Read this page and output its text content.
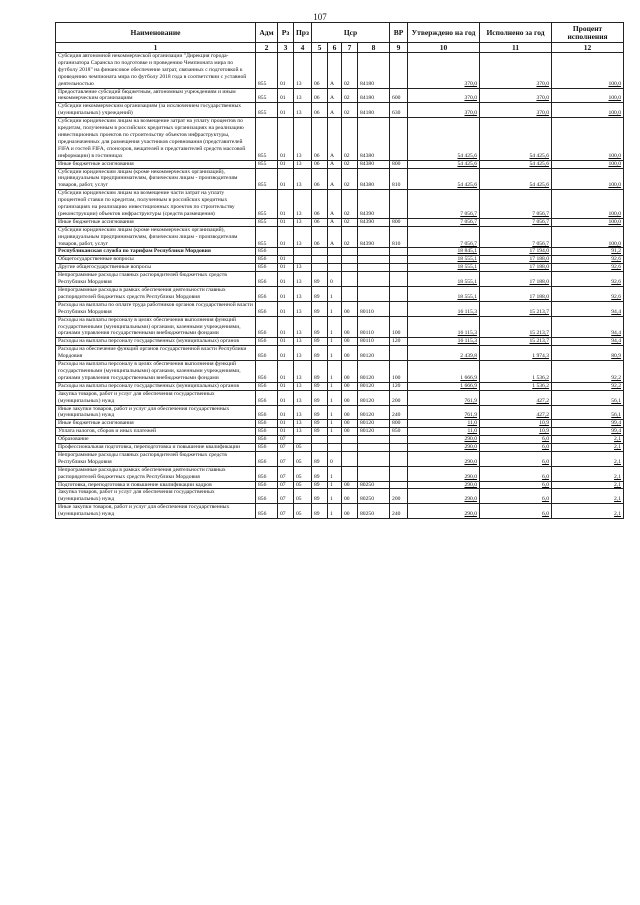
107
Наименование	Адм	Рз	Прз	Цср				ВР	Утверждено на год	Исполнено за год	Процент исполнения
1	2	3	4	5	6	7	8	9	10	11	12
Субсидия автономной некоммерческой организации "Дирекция города-организатора Саранска по подготовке и проведению Чемпионата мира по футболу 2018" на финансовое обеспечение затрат, связанных с подготовкой к проведению чемпионата мира по футболу 2018 года в соответствии с уставной деятельностью	855	01	13	06	А	02	84180		370,0	370,0	100,0
Предоставление субсидий бюджетным, автономным учреждениям и иным некоммерческим организациям	855	01	13	06	А	02	84180	600	370,0	370,0	100,0
Субсидии некоммерческим организациям (за исключением государственных (муниципальных) учреждений)	855	01	13	06	А	02	84180	630	370,0	370,0	100,0
Субсидии юридическим лицам на возмещение затрат на уплату процентов по кредитам, полученным в российских кредитных организациях на реализацию инвестиционных проектов по строительству объектов инфраструктуры, предназначенных для размещения участников соревнования (представителей FIFA и гостей FIFA, спонсоров, вещателей и представителей средств массовой информации) в гостиницах	855	01	13	06	А	02	84380		54 425,6	54 425,6	100,0
Иные бюджетные ассигнования	855	01	13	06	А	02	84380	800	54 425,6	54 425,6	100,0
Субсидии юридическим лицам (кроме некоммерческих организаций), индивидуальным предпринимателям, физическим лицам - производителям товаров, работ, услуг	855	01	13	06	А	02	84380	810	54 425,6	54 425,6	100,0
Субсидии юридическим лицам на возмещение части затрат на уплату процентной ставки по кредитам, полученным в российских кредитных организациях на реализацию инвестиционных проектов по строительству (реконструкции) объектов инфраструктуры (средств размещения)	855	01	13	06	А	02	84390		7 056,7	7 056,7	100,0
Иные бюджетные ассигнования	855	01	13	06	А	02	84390	800	7 056,7	7 056,7	100,0
Субсидии юридическим лицам (кроме некоммерческих организаций), индивидуальным предпринимателям, физическим лицам - производителям товаров, работ, услуг	855	01	13	06	А	02	84390	810	7 056,7	7 056,7	100,0
Республиканская служба по тарифам Республики Мордовия	856								18 845,1	17 194,0	91,2
Общегосударственные вопросы	856	01							18 555,1	17 188,0	92,6
Другие общегосударственные вопросы	856	01	13						18 555,1	17 188,0	92,6
Непрограммные расходы главных распорядителей бюджетных средств Республики Мордовия	856	01	13	89	0				18 555,1	17 188,0	92,6
Непрограммные расходы в рамках обеспечения деятельности главных распорядителей бюджетных средств Республики Мордовия	856	01	13	89	1				18 555,1	17 188,0	92,6
Расходы на выплаты по оплате труда работников органов государственной власти Республики Мордовия	856	01	13	89	1	00	80110		16 115,3	15 213,7	94,4
Расходы на выплаты персоналу в целях обеспечения выполнения функций государственными (муниципальными) органами, казенными учреждениями, органами управления государственными внебюджетными фондами	856	01	13	89	1	00	80110	100	16 115,3	15 213,7	94,4
Расходы на выплаты персоналу государственных (муниципальных) органов	856	01	13	89	1	00	80110	120	16 115,3	15 213,7	94,4
Расходы на обеспечение функций органов государственной власти Республики Мордовия	856	01	13	89	1	00	80120		2 439,8	1 974,3	80,9
Расходы на выплаты персоналу в целях обеспечения выполнения функций государственными (муниципальными) органами, казенными учреждениями, органами управления государственными внебюджетными фондами	856	01	13	89	1	00	80120	100	1 666,9	1 536,2	92,2
Расходы на выплаты персоналу государственных (муниципальных) органов	856	01	13	89	1	00	80120	120	1 666,9	1 536,2	92,2
Закупка товаров, работ и услуг для обеспечения государственных (муниципальных) нужд	856	01	13	89	1	00	80120	200	761,9	427,2	56,1
Иные закупки товаров, работ и услуг для обеспечения государственных (муниципальных) нужд	856	01	13	89	1	00	80120	240	761,9	427,2	56,1
Иные бюджетные ассигнования	856	01	13	89	1	00	80120	800	11,0	10,9	99,4
Уплата налогов, сборов и иных платежей	856	01	13	89	1	00	80120	850	11,0	10,9	99,4
Образование	856	07							290,0	6,0	2,1
Профессиональная подготовка, переподготовка и повышение квалификации	856	07	05						290,0	6,0	2,1
Непрограммные расходы главных распорядителей бюджетных средств Республики Мордовия	856	07	05	89	0				290,0	6,0	2,1
Непрограммные расходы в рамках обеспечения деятельности главных распорядителей бюджетных средств Республики Мордовия	856	07	05	89	1				290,0	6,0	2,1
Подготовка, переподготовка и повышение квалификации кадров	856	07	05	89	1	00	80250		290,0	6,0	2,1
Закупка товаров, работ и услуг для обеспечения государственных (муниципальных) нужд	856	07	05	89	1	00	80250	200	290,0	6,0	2,1
Иные закупки товаров, работ и услуг для обеспечения государственных (муниципальных) нужд	856	07	05	89	1	00	80250	240	290,0	6,0	2,1
